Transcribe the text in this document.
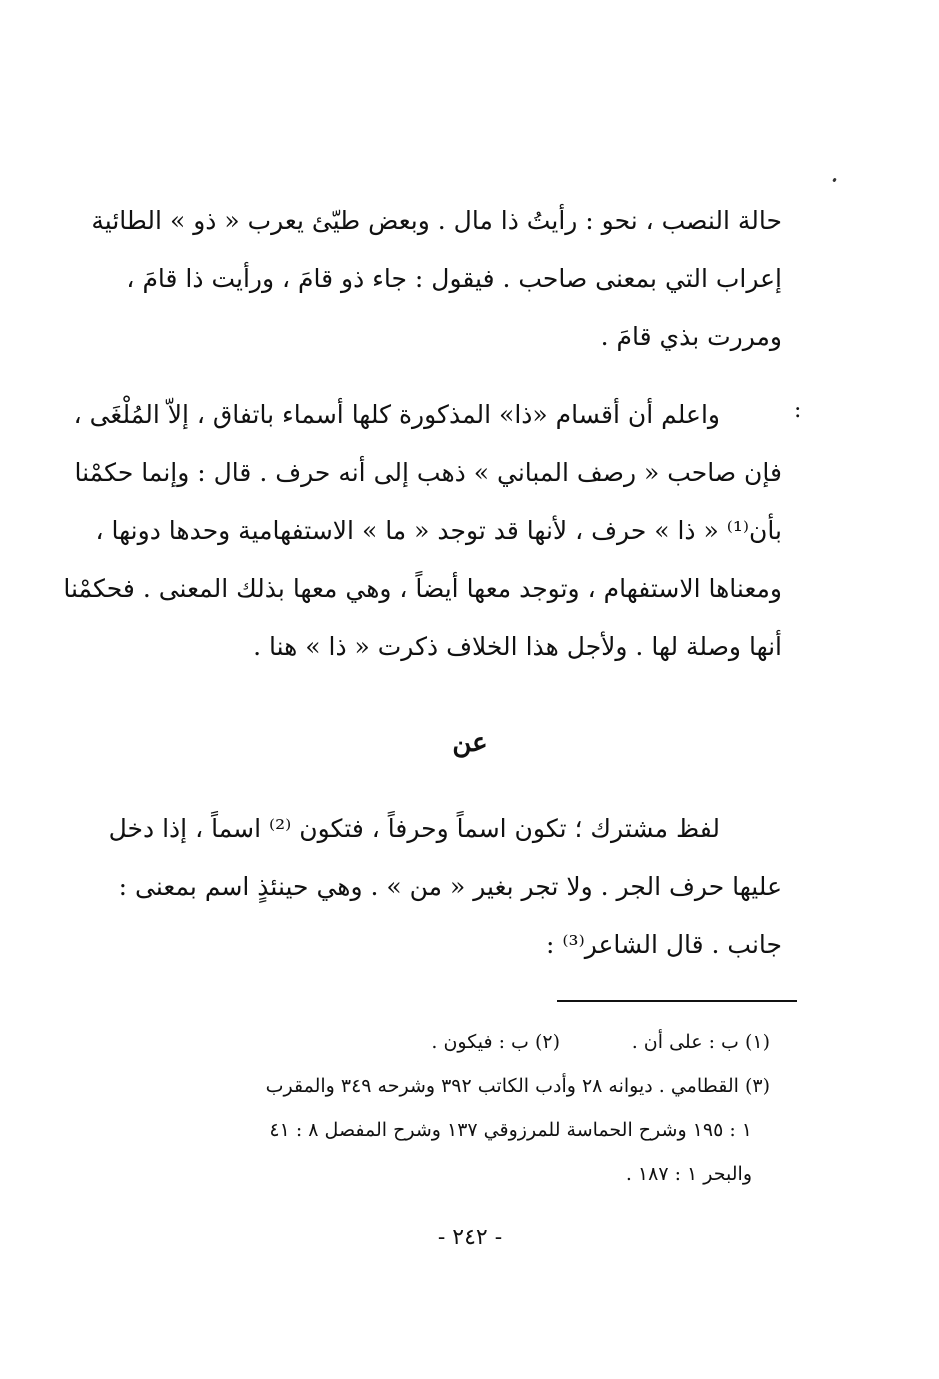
حالة النصب ، نحو : رأيتُ ذا مال . وبعض طيّئ يعرب « ذو » الطائية
إعراب التي بمعنى صاحب . فيقول : جاء ذو قامَ ، ورأيت ذا قامَ ،
ومررت بذي قامَ .
:
واعلم أن أقسام «ذا» المذكورة كلها أسماء باتفاق ، إلاّ المُلْغَى ،
فإن صاحب « رصف المباني » ذهب إلى أنه حرف . قال : وإنما حكمْنا
بأن⁽¹⁾ « ذا » حرف ، لأنها قد توجد « ما » الاستفهامية وحدها دونها ،
ومعناها الاستفهام ، وتوجد معها أيضاً ، وهي معها بذلك المعنى . فحكمْنا
أنها وصلة لها . ولأجل هذا الخلاف ذكرت « ذا » هنا .
عن
لفظ مشترك ؛ تكون اسماً وحرفاً ، فتكون ⁽²⁾ اسماً ، إذا دخل
عليها حرف الجر . ولا تجر بغير « من » . وهي حينئذٍ اسم بمعنى :
جانب . قال الشاعر⁽³⁾ :
(١) ب : على أن .
(٢) ب : فيكون .
(٣) القطامي . ديوانه ٢٨ وأدب الكاتب ٣٩٢ وشرحه ٣٤٩ والمقرب
١ : ١٩٥ وشرح الحماسة للمرزوقي ١٣٧ وشرح المفصل ٨ : ٤١
والبحر ١ : ١٨٧ .
- ٢٤٢ -
